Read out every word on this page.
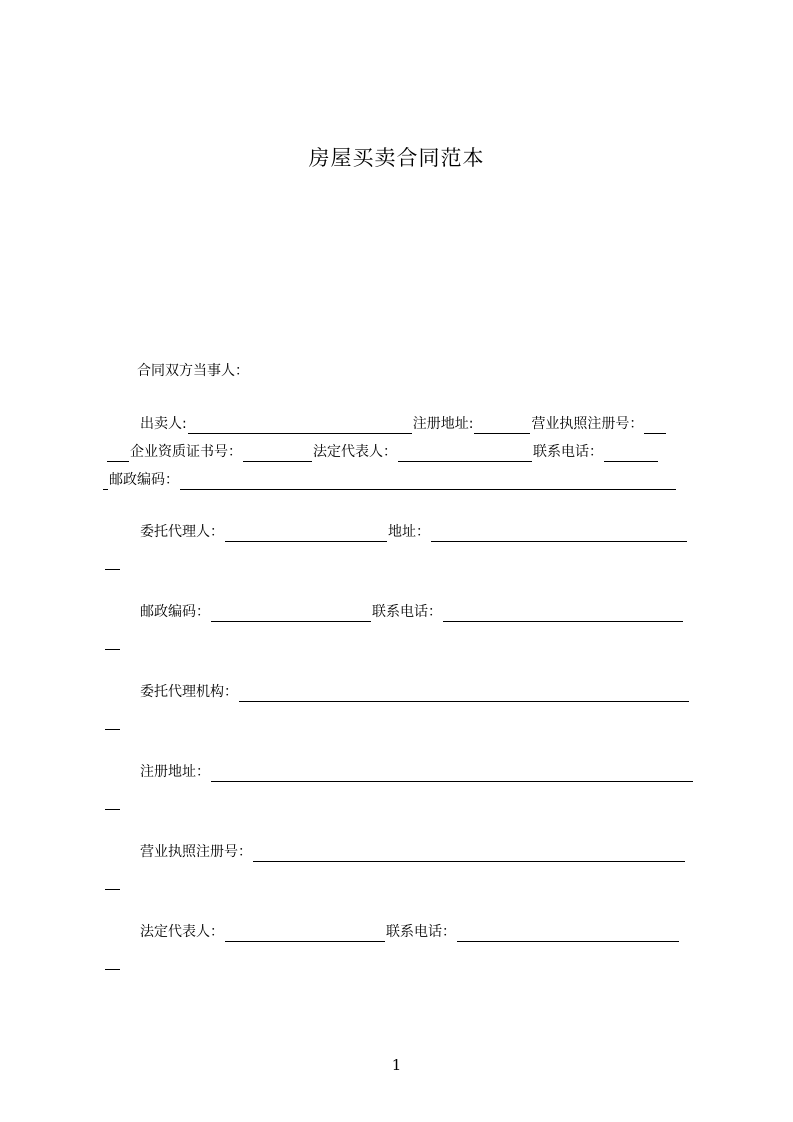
房屋买卖合同范本
合同双方当事人：
出卖人:	注册地址:	营业执照注册号：
企业资质证书号：	法定代表人：	联系电话：
邮政编码：
委托代理人：	地址：
邮政编码：	联系电话：
委托代理机构：
注册地址：
营业执照注册号：
法定代表人：	联系电话：
1
